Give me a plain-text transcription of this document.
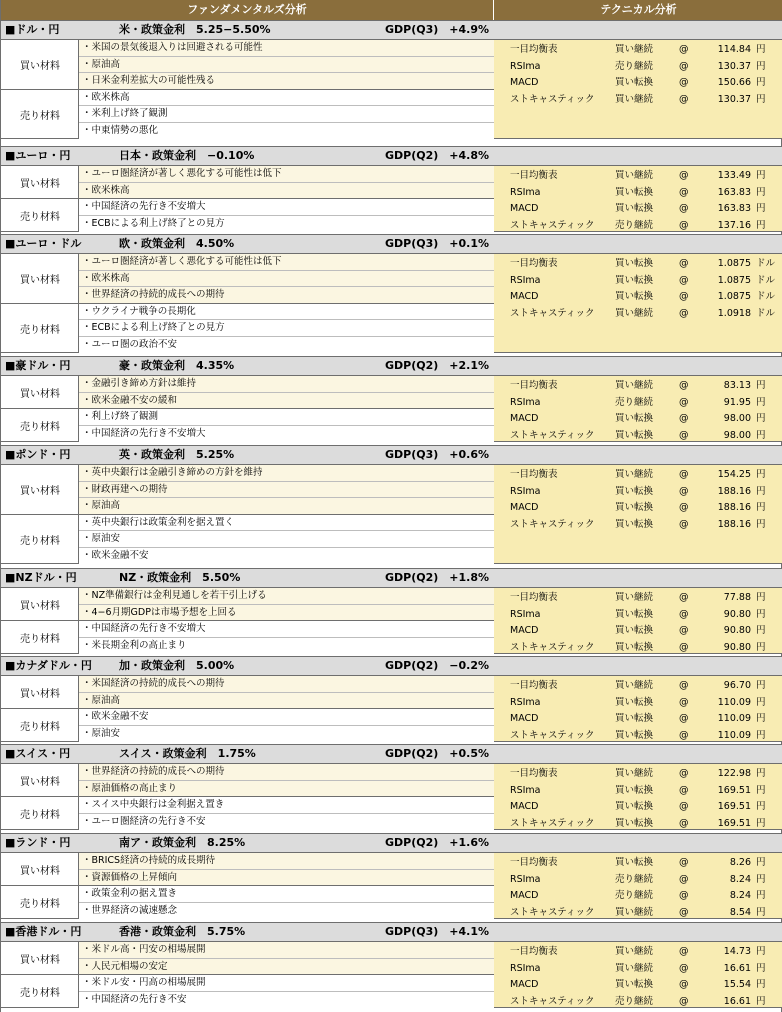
ファンダメンタルズ分析	テクニカル分析
■ドル・円	米・政策金利　5.25−5.50%	GDP(Q3)　+4.9%
買い材料
売り材料
・米国の景気後退入りは回避される可能性
・原油高
・日米金利差拡大の可能性残る
・欧米株高
・米利上げ終了観測
・中東情勢の悪化
一目均衡表	買い継続	@	114.84 円
RSIma	売り継続	@	130.37 円
MACD	買い転換	@	150.66 円
ストキャスティック 買い継続	@	130.37 円
■ユーロ・円	日本・政策金利　−0.10%	GDP(Q2)　+4.8%
買い材料
売り材料
・ユーロ圏経済が著しく悪化する可能性は低下
・欧米株高
・中国経済の先行き不安増大
・ECBによる利上げ終了との見方
一目均衡表	買い継続	@	133.49 円
RSIma	買い転換	@	163.83 円
MACD	買い転換	@	163.83 円
ストキャスティック 売り継続	@	137.16 円
■ユーロ・ドル	欧・政策金利　4.50%	GDP(Q3)　+0.1%
買い材料
売り材料
・ユーロ圏経済が著しく悪化する可能性は低下
・欧米株高
・世界経済の持続的成長への期待
・ウクライナ戦争の長期化
・ECBによる利上げ終了との見方
・ユーロ圏の政治不安
一目均衡表	買い転換	@	1.0875 ドル
RSIma	買い転換	@	1.0875 ドル
MACD	買い転換	@	1.0875 ドル
ストキャスティック 買い継続	@	1.0918 ドル
■豪ドル・円	豪・政策金利　4.35%	GDP(Q2)　+2.1%
買い材料
売り材料
・金融引き締め方針は維持
・欧米金融不安の緩和
・利上げ終了観測
・中国経済の先行き不安増大
一目均衡表	買い継続	@	83.13 円
RSIma	売り継続	@	91.95 円
MACD	買い転換	@	98.00 円
ストキャスティック 買い転換	@	98.00 円
■ポンド・円	英・政策金利　5.25%	GDP(Q3)　+0.6%
買い材料
売り材料
・英中央銀行は金融引き締めの方針を維持
・財政再建への期待
・原油高
・英中央銀行は政策金利を据え置く
・原油安
・欧米金融不安
一目均衡表	買い継続	@	154.25 円
RSIma	買い転換	@	188.16 円
MACD	買い転換	@	188.16 円
ストキャスティック 買い転換	@	188.16 円
■NZドル・円	NZ・政策金利　5.50%	GDP(Q2)　+1.8%
買い材料
売り材料
・NZ準備銀行は金利見通しを若干引上げる
・4−6月期GDPは市場予想を上回る
・中国経済の先行き不安増大
・米長期金利の高止まり
一目均衡表	買い継続	@	77.88 円
RSIma	買い転換	@	90.80 円
MACD	買い転換	@	90.80 円
ストキャスティック 買い転換	@	90.80 円
■カナダドル・円 加・政策金利　5.00%	GDP(Q2)　−0.2%
買い材料
売り材料
・米国経済の持続的成長への期待
・原油高
・欧米金融不安
・原油安
一目均衡表	買い継続	@	96.70 円
RSIma	買い転換	@	110.09 円
MACD	買い転換	@	110.09 円
ストキャスティック 買い転換	@	110.09 円
■スイス・円	スイス・政策金利　1.75%	GDP(Q2)　+0.5%
買い材料
売り材料
・世界経済の持続的成長への期待
・原油価格の高止まり
・スイス中央銀行は金利据え置き
・ユーロ圏経済の先行き不安
一目均衡表	買い継続	@	122.98 円
RSIma	買い転換	@	169.51 円
MACD	買い転換	@	169.51 円
ストキャスティック 買い転換	@	169.51 円
■ランド・円	南ア・政策金利　8.25%	GDP(Q2)　+1.6%
買い材料
売り材料
・BRICS経済の持続的成長期待
・資源価格の上昇傾向
・政策金利の据え置き
・世界経済の減速懸念
一目均衡表	買い転換	@	8.26 円
RSIma	売り継続	@	8.24 円
MACD	売り継続	@	8.24 円
ストキャスティック 買い継続	@	8.54 円
■香港ドル・円	香港・政策金利　5.75%	GDP(Q3)　+4.1%
買い材料
売り材料
・米ドル高・円安の相場展開
・人民元相場の安定
・米ドル安・円高の相場展開
・中国経済の先行き不安
一目均衡表	買い継続	@	14.73 円
RSIma	買い継続	@	16.61 円
MACD	買い転換	@	15.54 円
ストキャスティック 売り継続	@	16.61 円
